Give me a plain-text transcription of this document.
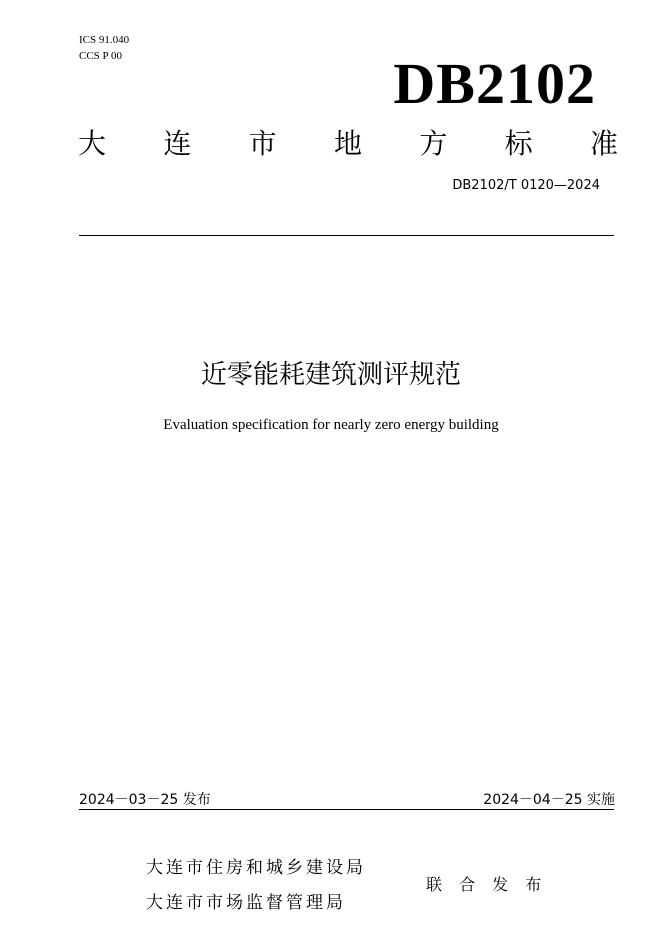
ICS 91.040
CCS P 00	DB2102
大 连 市 地 方 标 准
DB2102/T 0120—2024
近零能耗建筑测评规范
Evaluation specification for nearly zero energy building
2024－03－25 发布	2024－04－25 实施
大连市住房和城乡建设局
大连市市场监督管理局
联 合 发 布
